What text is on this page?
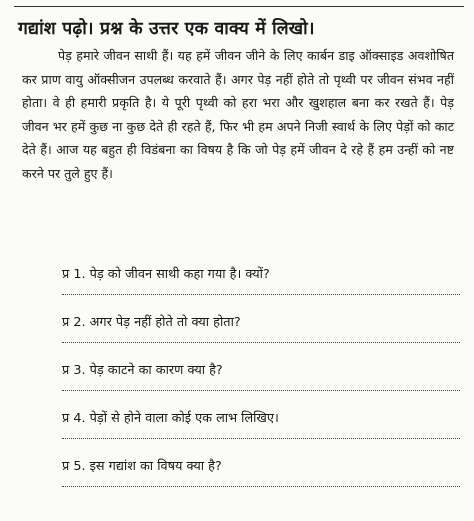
गद्यांश पढ़ो। प्रश्न के उत्तर एक वाक्य में लिखो।

पेड़ हमारे जीवन साथी हैं। यह हमें जीवन जीने के लिए कार्बन डाइ ऑक्साइड अवशोषित कर प्राण वायु ऑक्सीजन उपलब्ध करवाते हैं। अगर पेड़ नहीं होते तो पृथ्वी पर जीवन संभव नहीं होता। वे ही हमारी प्रकृति है। ये पूरी पृथ्वी को हरा भरा और खुशहाल बना कर रखते हैं। पेड़ जीवन भर हमें कुछ ना कुछ देते ही रहते हैं, फिर भी हम अपने निजी स्वार्थ के लिए पेड़ों को काट देते हैं। आज यह बहुत ही विडंबना का विषय है कि जो पेड़ हमें जीवन दे रहे हैं हम उन्हीं को नष्ट करने पर तुले हुए हैं।

प्र 1. पेड़ को जीवन साथी कहा गया है। क्यों?
प्र 2. अगर पेड़ नहीं होते तो क्या होता?
प्र 3. पेड़ काटने का कारण क्या है?
प्र 4. पेड़ों से होने वाला कोई एक लाभ लिखिए।
प्र 5. इस गद्यांश का विषय क्या है?
